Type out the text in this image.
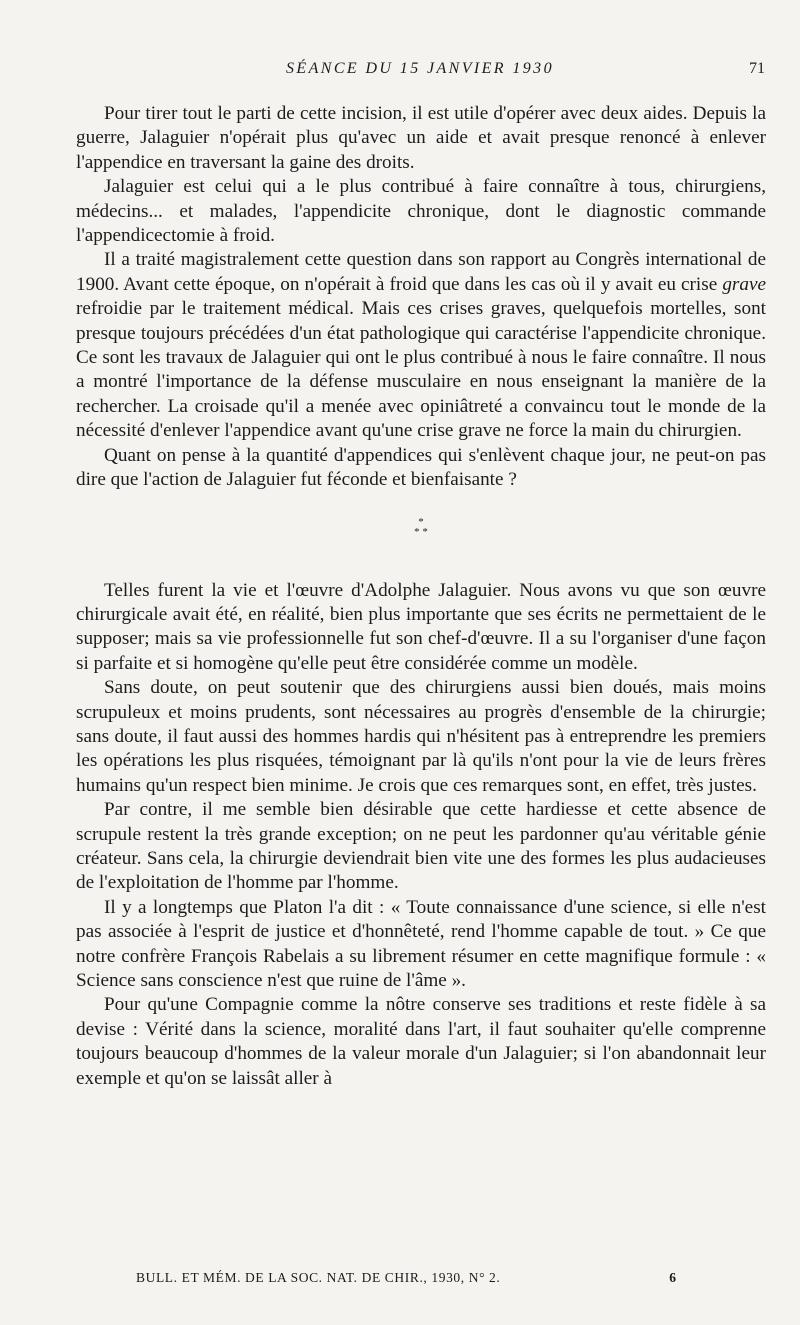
SÉANCE DU 15 JANVIER 1930	71

Pour tirer tout le parti de cette incision, il est utile d'opérer avec deux aides. Depuis la guerre, Jalaguier n'opérait plus qu'avec un aide et avait presque renoncé à enlever l'appendice en traversant la gaine des droits.

Jalaguier est celui qui a le plus contribué à faire connaître à tous, chirurgiens, médecins... et malades, l'appendicite chronique, dont le diagnostic commande l'appendicectomie à froid.

Il a traité magistralement cette question dans son rapport au Congrès international de 1900. Avant cette époque, on n'opérait à froid que dans les cas où il y avait eu crise grave refroidie par le traitement médical. Mais ces crises graves, quelquefois mortelles, sont presque toujours précédées d'un état pathologique qui caractérise l'appendicite chronique. Ce sont les travaux de Jalaguier qui ont le plus contribué à nous le faire connaître. Il nous a montré l'importance de la défense musculaire en nous enseignant la manière de la rechercher. La croisade qu'il a menée avec opiniâtreté a convaincu tout le monde de la nécessité d'enlever l'appendice avant qu'une crise grave ne force la main du chirurgien.

Quant on pense à la quantité d'appendices qui s'enlèvent chaque jour, ne peut-on pas dire que l'action de Jalaguier fut féconde et bienfaisante ?

*
* *

Telles furent la vie et l'œuvre d'Adolphe Jalaguier. Nous avons vu que son œuvre chirurgicale avait été, en réalité, bien plus importante que ses écrits ne permettaient de le supposer; mais sa vie professionnelle fut son chef-d'œuvre. Il a su l'organiser d'une façon si parfaite et si homogène qu'elle peut être considérée comme un modèle.

Sans doute, on peut soutenir que des chirurgiens aussi bien doués, mais moins scrupuleux et moins prudents, sont nécessaires au progrès d'ensemble de la chirurgie; sans doute, il faut aussi des hommes hardis qui n'hésitent pas à entreprendre les premiers les opérations les plus risquées, témoignant par là qu'ils n'ont pour la vie de leurs frères humains qu'un respect bien minime. Je crois que ces remarques sont, en effet, très justes.

Par contre, il me semble bien désirable que cette hardiesse et cette absence de scrupule restent la très grande exception; on ne peut les pardonner qu'au véritable génie créateur. Sans cela, la chirurgie deviendrait bien vite une des formes les plus audacieuses de l'exploitation de l'homme par l'homme.

Il y a longtemps que Platon l'a dit : « Toute connaissance d'une science, si elle n'est pas associée à l'esprit de justice et d'honnêteté, rend l'homme capable de tout. » Ce que notre confrère François Rabelais a su librement résumer en cette magnifique formule : « Science sans conscience n'est que ruine de l'âme ».

Pour qu'une Compagnie comme la nôtre conserve ses traditions et reste fidèle à sa devise : Vérité dans la science, moralité dans l'art, il faut souhaiter qu'elle comprenne toujours beaucoup d'hommes de la valeur morale d'un Jalaguier; si l'on abandonnait leur exemple et qu'on se laissât aller à

BULL. ET MÉM. DE LA SOC. NAT. DE CHIR., 1930, N° 2.	6
